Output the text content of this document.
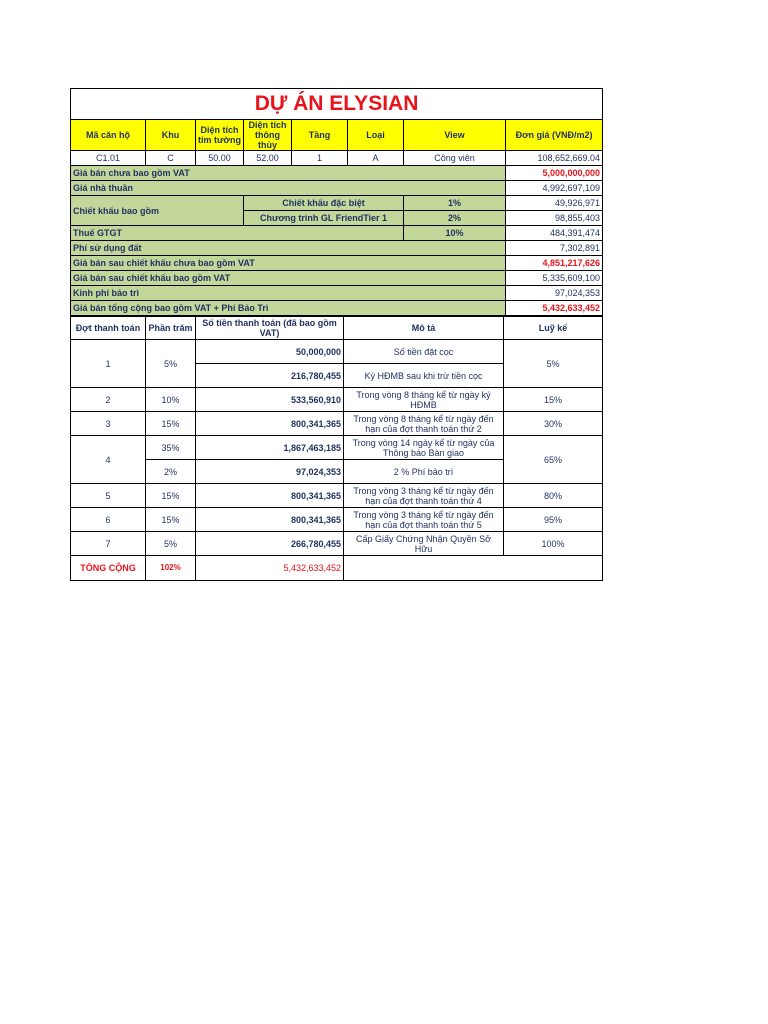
DỰ ÁN ELYSIAN							
Mã căn hộ	Khu	Diện tích tim tường	Diện tích thông thủy	Tầng	Loại	View	Đơn giá (VNĐ/m2)
C1.01	C	50.00	52.00	1	A	Công viên	108,652,669.04
Giá bán chưa bao gồm VAT							5,000,000,000
Giá nhà thuần							4,992,697,109
Chiết khấu bao gồm			Chiết khấu đặc biệt			1%	49,926,971
			Chương trình GL FriendTier 1			2%	98,855,403
Thuế GTGT						10%	484,391,474
Phí sử dụng đất							7,302,891
Giá bán sau chiết khấu chưa bao gồm VAT							4,851,217,626
Giá bán sau chiết khấu bao gồm VAT							5,335,609,100
Kinh phí bảo trì							97,024,353
Giá bán tổng cộng bao gồm VAT + Phí Bảo Trì							5,432,633,452
Đợt thanh toán	Phần trăm	Số tiền thanh toán (đã bao gồm VAT)	Mô tả	Luỹ kế
1	5%	50,000,000	Số tiền đặt cọc	5%
		216,780,455	Ký HĐMB sau khi trừ tiền cọc	
2	10%	533,560,910	Trong vòng 8 tháng kể từ ngày ký HĐMB	15%
3	15%	800,341,365	Trong vòng 8 tháng kể từ ngày đến hạn của đợt thanh toán thứ 2	30%
4	35%	1,867,463,185	Trong vòng 14 ngày kể từ ngày của Thông báo Bàn giao	65%
	2%	97,024,353	2 % Phí bảo trì	
5	15%	800,341,365	Trong vòng 3 tháng kể từ ngày đến hạn của đợt thanh toán thứ 4	80%
6	15%	800,341,365	Trong vòng 3 tháng kể từ ngày đến hạn của đợt thanh toán thứ 5	95%
7	5%	266,780,455	Cấp Giấy Chứng Nhận Quyền Sở Hữu	100%
TỔNG CỘNG	102%	5,432,633,452		
